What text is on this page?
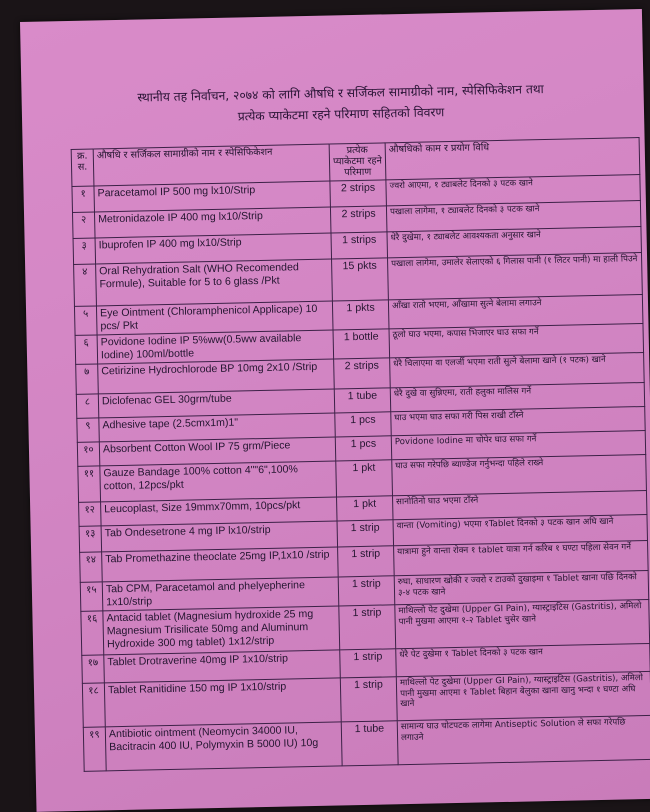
स्थानीय तह निर्वाचन, २०७४ को लागि औषधि र सर्जिकल सामाग्रीको नाम, स्पेसिफिकेशन तथा
प्रत्येक प्याकेटमा रहने परिमाण सहितको विवरण
क्र. स.	औषधि र सर्जिकल सामाग्रीको नाम र स्पेसिफिकेशन	प्रत्येक प्याकेटमा रहने परिमाण	औषधिको काम र प्रयोग विधि
१	Paracetamol IP 500 mg lx10/Strip	2 strips	ज्वरो आएमा, १ ट्याबलेट दिनको ३ पटक खाने
२	Metronidazole IP 400 mg lx10/Strip	2 strips	पखाला लागेमा, १ ट्याबलेट दिनको ३ पटक खाने
३	Ibuprofen IP 400 mg lx10/Strip	1 strips	धेरै दुखेमा, १ ट्याबलेट आवश्यकता अनुसार खाने
४	Oral Rehydration Salt (WHO Recomended Formule), Suitable for 5 to 6 glass /Pkt	15 pkts	पखाला लागेमा, उमालेर सेलाएको ६ गिलास पानी (१ लिटर पानी) मा हाली पिउने
५	Eye Ointment (Chloramphenicol Applicape) 10 pcs/ Pkt	1 pkts	आँखा रातो भएमा, आँखामा सुत्ने बेलामा लगाउने
६	Povidone Iodine IP 5%ww(0.5ww available Iodine) 100ml/bottle	1 bottle	ठूलो घाउ भएमा, कपास भिजाएर घाउ सफा गर्ने
७	Cetirizine Hydrochlorode BP 10mg 2x10 /Strip	2 strips	धेरै चिलाएमा वा एलर्जी भएमा राती सुत्ने बेलामा खाने (१ पटक) खाने
८	Diclofenac GEL 30grm/tube	1 tube	धेरै दुखे वा सुन्निएमा, राती हलुका मालिस गर्ने
९	Adhesive tape (2.5cmx1m)1"	1 pcs	घाउ भएमा घाउ सफा गरी पिस राखी टाँस्ने
१०	Absorbent Cotton Wool IP 75 grm/Piece	1 pcs	Povidone Iodine मा चोपेर घाउ सफा गर्ने
११	Gauze Bandage 100% cotton 4""6",100% cotton, 12pcs/pkt	1 pkt	घाउ सफा गरेपछि ब्याण्डेज गर्नुभन्दा पहिले राख्ने
१२	Leucoplast, Size 19mmx70mm, 10pcs/pkt	1 pkt	सानोतिनो घाउ भएमा टाँस्ने
१३	Tab Ondesetrone 4 mg IP lx10/strip	1 strip	वान्ता (Vomiting) भएमा १Tablet दिनको ३ पटक खान अघि खाने
१४	Tab Promethazine theoclate 25mg IP,1x10 /strip	1 strip	यात्रामा हुने वान्ता रोक्न १ tablet यात्रा गर्न करिब १ घण्टा पहिला सेवन गर्ने
१५	Tab CPM, Paracetamol and phelyepherine 1x10/strip	1 strip	रुघा, साधारण खोकी र ज्वरो र टाउको दुखाइमा १ Tablet खाना पछि दिनको ३-४ पटक खाने
१६	Antacid tablet (Magnesium hydroxide 25 mg Magnesium Trisilicate 50mg and Aluminum Hydroxide 300 mg tablet) 1x12/strip	1 strip	माथिल्लो पेट दुखेमा (Upper GI Pain), ग्यास्ट्राइटिस (Gastritis), अमिलो पानी मुखमा आएमा १-२ Tablet चुसेर खाने
१७	Tablet Drotraverine 40mg IP 1x10/strip	1 strip	धेरै पेट दुखेमा १ Tablet दिनको ३ पटक खान
१८	Tablet Ranitidine 150 mg IP 1x10/strip	1 strip	माथिल्लो पेट दुखेमा (Upper GI Pain), ग्यास्ट्राइटिस (Gastritis), अमिलो पानी मुखमा आएमा १ Tablet बिहान बेलुका खाना खानु भन्दा १ घण्टा अघि खाने
१९	Antibiotic ointment (Neomycin 34000 IU, Bacitracin 400 IU, Polymyxin B 5000 IU) 10g	1 tube	सामान्य घाउ चोटपटक लागेमा Antiseptic Solution ले सफा गरेपछि लगाउने
